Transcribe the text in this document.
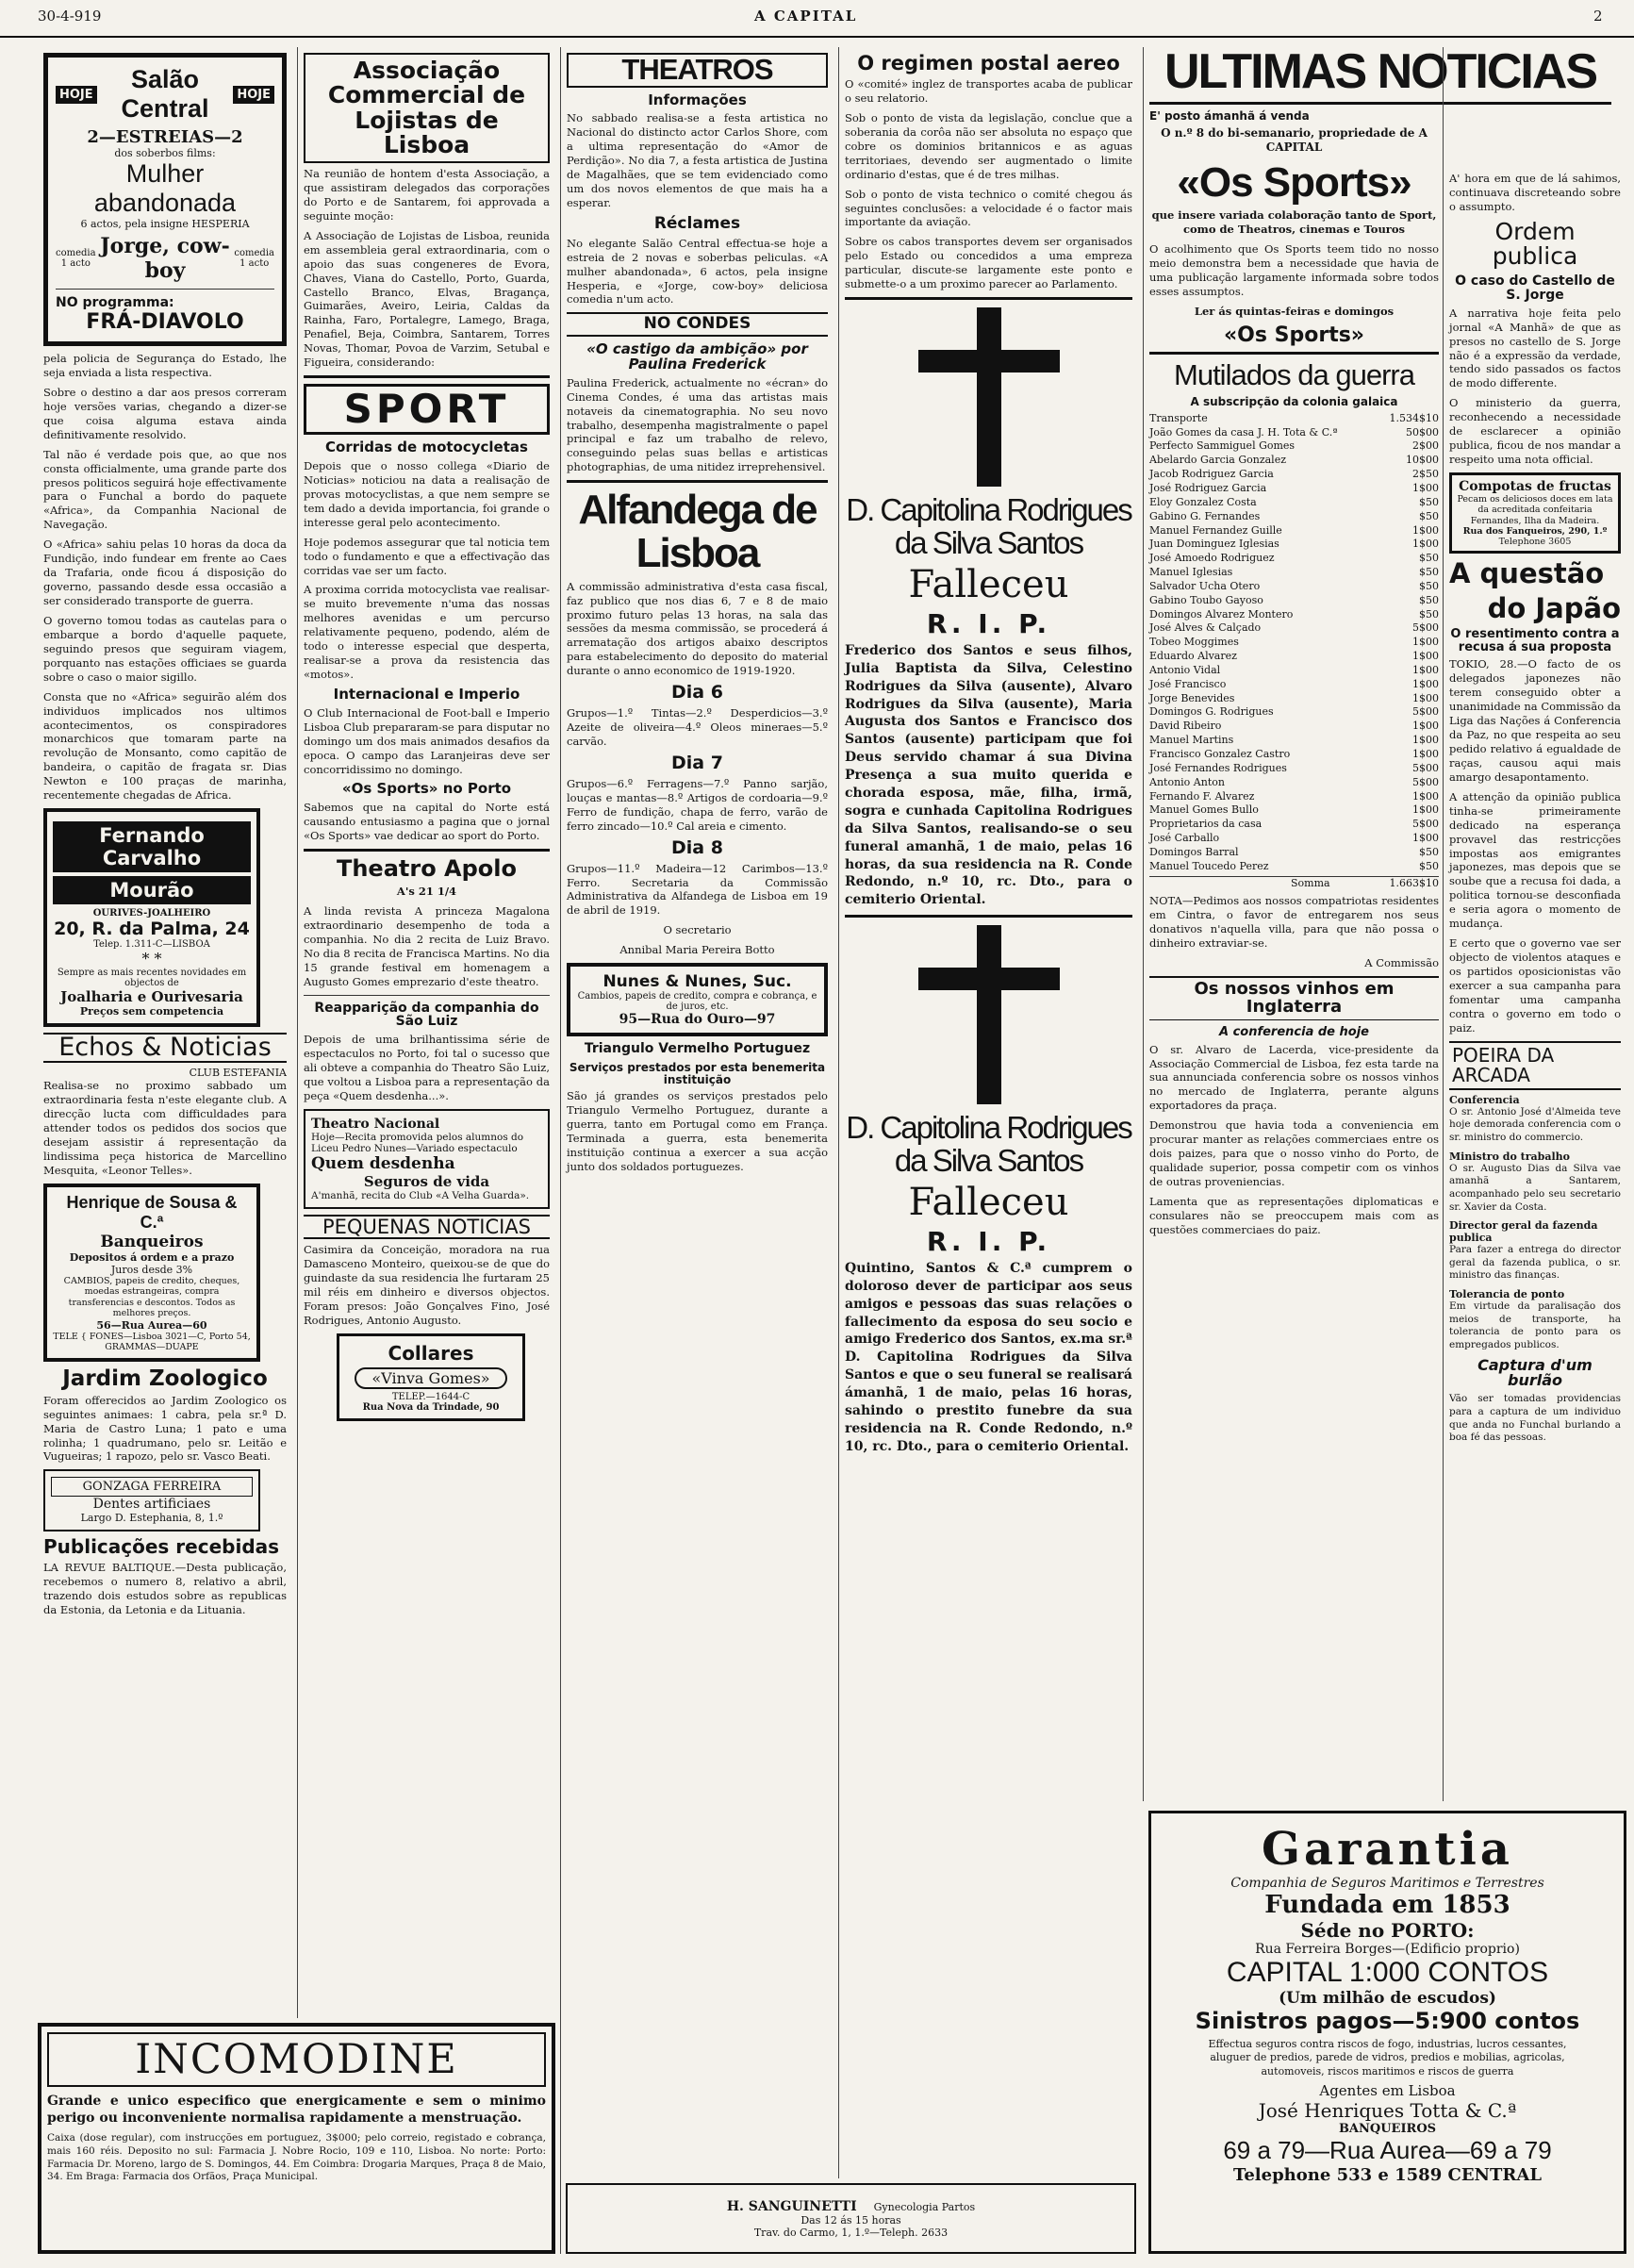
30-4-919	A CAPITAL	2
HOJE
Salão Central	HOJE
2—ESTREIAS—2
dos soberbos films:
Mulher abandonada
6 actos, pela insigne HESPERIA
comedia 1 acto
Jorge, cow-boy
comedia 1 acto
NO programma:
FRÁ-DIAVOLO

pela policia de Segurança do Estado, lhe seja enviada a lista respectiva.

Sobre o destino a dar aos presos correram hoje versões varias, chegando a dizer-se que coisa alguma estava ainda definitivamente resolvido.

Tal não é verdade pois que, ao que nos consta officialmente, uma grande parte dos presos politicos seguirá hoje effectivamente para o Funchal a bordo do paquete «Africa», da Companhia Nacional de Navegação.

O «Africa» sahiu pelas 10 horas da doca da Fundição, indo fundear em frente ao Caes da Trafaria, onde ficou á disposição do governo, passando desde essa occasião a ser considerado transporte de guerra.

O governo tomou todas as cautelas para o embarque a bordo d'aquelle paquete, seguindo presos que seguiram viagem, porquanto nas estações officiaes se guarda sobre o caso o maior sigillo.

Consta que no «Africa» seguirão além dos individuos implicados nos ultimos acontecimentos, os conspiradores monarchicos que tomaram parte na revolução de Monsanto, como capitão de bandeira, o capitão de fragata sr. Dias Newton e 100 praças de marinha, recentemente chegadas de Africa.

Fernando Carvalho
Mourão
OURIVES-JOALHEIRO
20, R. da Palma, 24
Telep. 1.311-C—LISBOA
* *
Sempre as mais recentes novidades em objectos de
Joalharia e Ourivesaria
Preços sem competencia
Echos & Noticias
CLUB ESTEFANIA

Realisa-se no proximo sabbado um extraordinaria festa n'este elegante club. A direcção lucta com difficuldades para attender todos os pedidos dos socios que desejam assistir á representação da lindissima peça historica de Marcellino Mesquita, «Leonor Telles».

Henrique de Sousa & C.ª
Banqueiros
Depositos á ordem e a prazo
Juros desde 3%
CAMBIOS, papeis de credito, cheques, moedas estrangeiras, compra transferencias e descontos. Todos as melhores preços.
56—Rua Aurea—60
TELE { FONES—Lisboa 3021—C, Porto 54, GRAMMAS—DUAPE
Jardim Zoologico

Foram offerecidos ao Jardim Zoologico os seguintes animaes: 1 cabra, pela sr.ª D. Maria de Castro Luna; 1 pato e uma rolinha; 1 quadrumano, pelo sr. Leitão e Vugueiras; 1 rapozo, pelo sr. Vasco Beati.

GONZAGA FERREIRA
Dentes artificiaes
Largo D. Estephania, 8, 1.º
Publicações recebidas

LA REVUE BALTIQUE.—Desta publicação, recebemos o numero 8, relativo a abril, trazendo dois estudos sobre as republicas da Estonia, da Letonia e da Lituania.

INCOMODINE
Grande e unico especifico que energicamente e sem o minimo perigo ou inconveniente normalisa rapidamente a menstruação.
Caixa (dose regular), com instrucções em portuguez, 3$000; pelo correio, registado e cobrança, mais 160 réis. Deposito no sul: Farmacia J. Nobre Rocio, 109 e 110, Lisboa. No norte: Porto: Farmacia Dr. Moreno, largo de S. Domingos, 44. Em Coimbra: Drogaria Marques, Praça 8 de Maio, 34. Em Braga: Farmacia dos Orfãos, Praça Municipal.
Associação Commercial de Lojistas de Lisboa

Na reunião de hontem d'esta Associação, a que assistiram delegados das corporações do Porto e de Santarem, foi approvada a seguinte moção:

A Associação de Lojistas de Lisboa, reunida em assembleia geral extraordinaria, com o apoio das suas congeneres de Evora, Chaves, Viana do Castello, Porto, Guarda, Castello Branco, Elvas, Bragança, Guimarães, Aveiro, Leiria, Caldas da Rainha, Faro, Portalegre, Lamego, Braga, Penafiel, Beja, Coimbra, Santarem, Torres Novas, Thomar, Povoa de Varzim, Setubal e Figueira, considerando:

SPORT
Corridas de motocycletas

Depois que o nosso collega «Diario de Noticias» noticiou na data a realisação de provas motocyclistas, a que nem sempre se tem dado a devida importancia, foi grande o interesse geral pelo acontecimento.

Hoje podemos assegurar que tal noticia tem todo o fundamento e que a effectivação das corridas vae ser um facto.

A proxima corrida motocyclista vae realisar-se muito brevemente n'uma das nossas melhores avenidas e um percurso relativamente pequeno, podendo, além de todo o interesse especial que desperta, realisar-se a prova da resistencia das «motos».

Internacional e Imperio

O Club Internacional de Foot-ball e Imperio Lisboa Club prepararam-se para disputar no domingo um dos mais animados desafios da epoca. O campo das Laranjeiras deve ser concorridissimo no domingo.

«Os Sports» no Porto

Sabemos que na capital do Norte está causando entusiasmo a pagina que o jornal «Os Sports» vae dedicar ao sport do Porto.

Theatro Apolo
A's 21 1/4

A linda revista A princeza Magalona extraordinario desempenho de toda a companhia. No dia 2 recita de Luiz Bravo. No dia 8 recita de Francisca Martins. No dia 15 grande festival em homenagem a Augusto Gomes emprezario d'este theatro.

Reapparição da companhia do São Luiz

Depois de uma brilhantissima série de espectaculos no Porto, foi tal o sucesso que ali obteve a companhia do Theatro São Luiz, que voltou a Lisboa para a representação da peça «Quem desdenha...».

Theatro Nacional
Hoje—Recita promovida pelos alumnos do Liceu Pedro Nunes—Variado espectaculo
Quem desdenha
Seguros de vida
A'manhã, recita do Club «A Velha Guarda».
PEQUENAS NOTICIAS

Casimira da Conceição, moradora na rua Damasceno Monteiro, queixou-se de que do guindaste da sua residencia lhe furtaram 25 mil réis em dinheiro e diversos objectos. Foram presos: João Gonçalves Fino, José Rodrigues, Antonio Augusto.

Collares
«Vinva Gomes»
TELEP.—1644-C
Rua Nova da Trindade, 90
THEATROS
Informações

No sabbado realisa-se a festa artistica no Nacional do distincto actor Carlos Shore, com a ultima representação do «Amor de Perdição». No dia 7, a festa artistica de Justina de Magalhães, que se tem evidenciado como um dos novos elementos de que mais ha a esperar.

Réclames

No elegante Salão Central effectua-se hoje a estreia de 2 novas e soberbas peliculas. «A mulher abandonada», 6 actos, pela insigne Hesperia, e «Jorge, cow-boy» deliciosa comedia n'um acto.

NO CONDES
«O castigo da ambição» por Paulina Frederick

Paulina Frederick, actualmente no «écran» do Cinema Condes, é uma das artistas mais notaveis da cinematographia. No seu novo trabalho, desempenha magistralmente o papel principal e faz um trabalho de relevo, conseguindo pelas suas bellas e artisticas photographias, de uma nitidez irreprehensivel.

Alfandega de Lisboa

A commissão administrativa d'esta casa fiscal, faz publico que nos dias 6, 7 e 8 de maio proximo futuro pelas 13 horas, na sala das sessões da mesma commissão, se procederá á arrematação dos artigos abaixo descriptos para estabelecimento do deposito do material durante o anno economico de 1919-1920.

Dia 6

Grupos—1.º Tintas—2.º Desperdicios—3.º Azeite de oliveira—4.º Oleos mineraes—5.º carvão.

Dia 7

Grupos—6.º Ferragens—7.º Panno sarjão, louças e mantas—8.º Artigos de cordoaria—9.º Ferro de fundição, chapa de ferro, varão de ferro zincado—10.º Cal areia e cimento.

Dia 8

Grupos—11.º Madeira—12 Carimbos—13.º Ferro. Secretaria da Commissão Administrativa da Alfandega de Lisboa em 19 de abril de 1919.

O secretario
Annibal Maria Pereira Botto
Nunes & Nunes, Suc.
Cambios, papeis de credito, compra e cobrança, e de juros, etc.
95—Rua do Ouro—97
Triangulo Vermelho Portuguez
Serviços prestados por esta benemerita instituição

São já grandes os serviços prestados pelo Triangulo Vermelho Portuguez, durante a guerra, tanto em Portugal como em França. Terminada a guerra, esta benemerita instituição continua a exercer a sua acção junto dos soldados portuguezes.

H. SANGUINETTI Gynecologia Partos
Das 12 ás 15 horas
Trav. do Carmo, 1, 1.º—Teleph. 2633
O regimen postal aereo

O «comité» inglez de transportes acaba de publicar o seu relatorio.

Sob o ponto de vista da legislação, conclue que a soberania da corôa não ser absoluta no espaço que cobre os dominios britannicos e as aguas territoriaes, devendo ser augmentado o limite ordinario d'estas, que é de tres milhas.

Sob o ponto de vista technico o comité chegou ás seguintes conclusões: a velocidade é o factor mais importante da aviação.

Sobre os cabos transportes devem ser organisados pelo Estado ou concedidos a uma empreza particular, discute-se largamente este ponto e submette-o a um proximo parecer ao Parlamento.

D. Capitolina Rodrigues da Silva Santos
Falleceu
R. I. P.

Frederico dos Santos e seus filhos, Julia Baptista da Silva, Celestino Rodrigues da Silva (ausente), Alvaro Rodrigues da Silva (ausente), Maria Augusta dos Santos e Francisco dos Santos (ausente) participam que foi Deus servido chamar á sua Divina Presença a sua muito querida e chorada esposa, mãe, filha, irmã, sogra e cunhada Capitolina Rodrigues da Silva Santos, realisando-se o seu funeral amanhã, 1 de maio, pelas 16 horas, da sua residencia na R. Conde Redondo, n.º 10, rc. Dto., para o cemiterio Oriental.

D. Capitolina Rodrigues da Silva Santos
Falleceu
R. I. P.

Quintino, Santos & C.ª cumprem o doloroso dever de participar aos seus amigos e pessoas das suas relações o fallecimento da esposa do seu socio e amigo Frederico dos Santos, ex.ma sr.ª D. Capitolina Rodrigues da Silva Santos e que o seu funeral se realisará ámanhã, 1 de maio, pelas 16 horas, sahindo o prestito funebre da sua residencia na R. Conde Redondo, n.º 10, rc. Dto., para o cemiterio Oriental.

ULTIMAS NOTICIAS
E' posto ámanhã á venda
O n.º 8 do bi-semanario, propriedade de A CAPITAL
«Os Sports»
que insere variada colaboração tanto de Sport, como de Theatros, cinemas e Touros

O acolhimento que Os Sports teem tido no nosso meio demonstra bem a necessidade que havia de uma publicação largamente informada sobre todos esses assumptos.

Ler ás quintas-feiras e domingos
«Os Sports»
Mutilados da guerra
A subscripção da colonia galaica
Transporte	1.534$10
João Gomes da casa J. H. Tota & C.ª	50$00
Perfecto Sammiguel Gomes	2$00
Abelardo Garcia Gonzalez	10$00
Jacob Rodriguez Garcia	2$50
José Rodriguez Garcia	1$00
Eloy Gonzalez Costa	$50
Gabino G. Fernandes	$50
Manuel Fernandez Guille	1$00
Juan Dominguez Iglesias	1$00
José Amoedo Rodriguez	$50
Manuel Iglesias	$50
Salvador Ucha Otero	$50
Gabino Toubo Gayoso	$50
Domingos Alvarez Montero	$50
José Alves & Calçado	5$00
Tobeo Moggimes	1$00
Eduardo Alvarez	1$00
Antonio Vidal	1$00
José Francisco	1$00
Jorge Benevides	1$00
Domingos G. Rodrigues	5$00
David Ribeiro	1$00
Manuel Martins	1$00
Francisco Gonzalez Castro	1$00
José Fernandes Rodrigues	5$00
Antonio Anton	5$00
Fernando F. Alvarez	1$00
Manuel Gomes Bullo	1$00
Proprietarios da casa	5$00
José Carballo	1$00
Domingos Barral	$50
Manuel Toucedo Perez	$50
Somma	1.663$10

NOTA—Pedimos aos nossos compatriotas residentes em Cintra, o favor de entregarem nos seus donativos n'aquella villa, para que não possa o dinheiro extraviar-se.

A Commissão
Os nossos vinhos em Inglaterra
A conferencia de hoje

O sr. Alvaro de Lacerda, vice-presidente da Associação Commercial de Lisboa, fez esta tarde na sua annunciada conferencia sobre os nossos vinhos no mercado de Inglaterra, perante alguns exportadores da praça.

Demonstrou que havia toda a conveniencia em procurar manter as relações commerciaes entre os dois paizes, para que o nosso vinho do Porto, de qualidade superior, possa competir com os vinhos de outras proveniencias.

Lamenta que as representações diplomaticas e consulares não se preoccupem mais com as questões commerciaes do paiz.

Garantia
Companhia de Seguros Maritimos e Terrestres
Fundada em 1853
Séde no PORTO:
Rua Ferreira Borges—(Edificio proprio)
CAPITAL 1:000 CONTOS
(Um milhão de escudos)
Sinistros pagos—5:900 contos
Effectua seguros contra riscos de fogo, industrias, lucros cessantes, aluguer de predios, parede de vidros, predios e mobilias, agricolas, automoveis, riscos maritimos e riscos de guerra
Agentes em Lisboa
José Henriques Totta & C.ª
BANQUEIROS
69 a 79—Rua Aurea—69 a 79
Telephone 533 e 1589 CENTRAL

A' hora em que de lá sahimos, continuava discreteando sobre o assumpto.

Ordem publica
O caso do Castello de S. Jorge

A narrativa hoje feita pelo jornal «A Manhã» de que as presos no castello de S. Jorge não é a expressão da verdade, tendo sido passados os factos de modo differente.

O ministerio da guerra, reconhecendo a necessidade de esclarecer a opinião publica, ficou de nos mandar a respeito uma nota official.

Compotas de fructas
Pecam os deliciosos doces em lata da acreditada confeitaria Fernandes, Ilha da Madeira.
Rua dos Fanqueiros, 290, 1.º
Telephone 3605
A questão
do Japão
O resentimento contra a recusa á sua proposta

TOKIO, 28.—O facto de os delegados japonezes não terem conseguido obter a unanimidade na Commissão da Liga das Nações á Conferencia da Paz, no que respeita ao seu pedido relativo á egualdade de raças, causou aqui mais amargo desapontamento.

A attenção da opinião publica tinha-se primeiramente dedicado na esperança provavel das restricções impostas aos emigrantes japonezes, mas depois que se soube que a recusa foi dada, a politica tornou-se desconfiada e seria agora o momento de mudança.

E certo que o governo vae ser objecto de violentos ataques e os partidos oposicionistas vão exercer a sua campanha para fomentar uma campanha contra o governo em todo o paiz.

POEIRA DA ARCADA
Conferencia

O sr. Antonio José d'Almeida teve hoje demorada conferencia com o sr. ministro do commercio.

Ministro do trabalho

O sr. Augusto Dias da Silva vae amanhã a Santarem, acompanhado pelo seu secretario sr. Xavier da Costa.

Director geral da fazenda publica

Para fazer a entrega do director geral da fazenda publica, o sr. ministro das finanças.

Tolerancia de ponto

Em virtude da paralisação dos meios de transporte, ha tolerancia de ponto para os empregados publicos.

Captura d'um burlão

Vão ser tomadas providencias para a captura de um individuo que anda no Funchal burlando a boa fé das pessoas.
